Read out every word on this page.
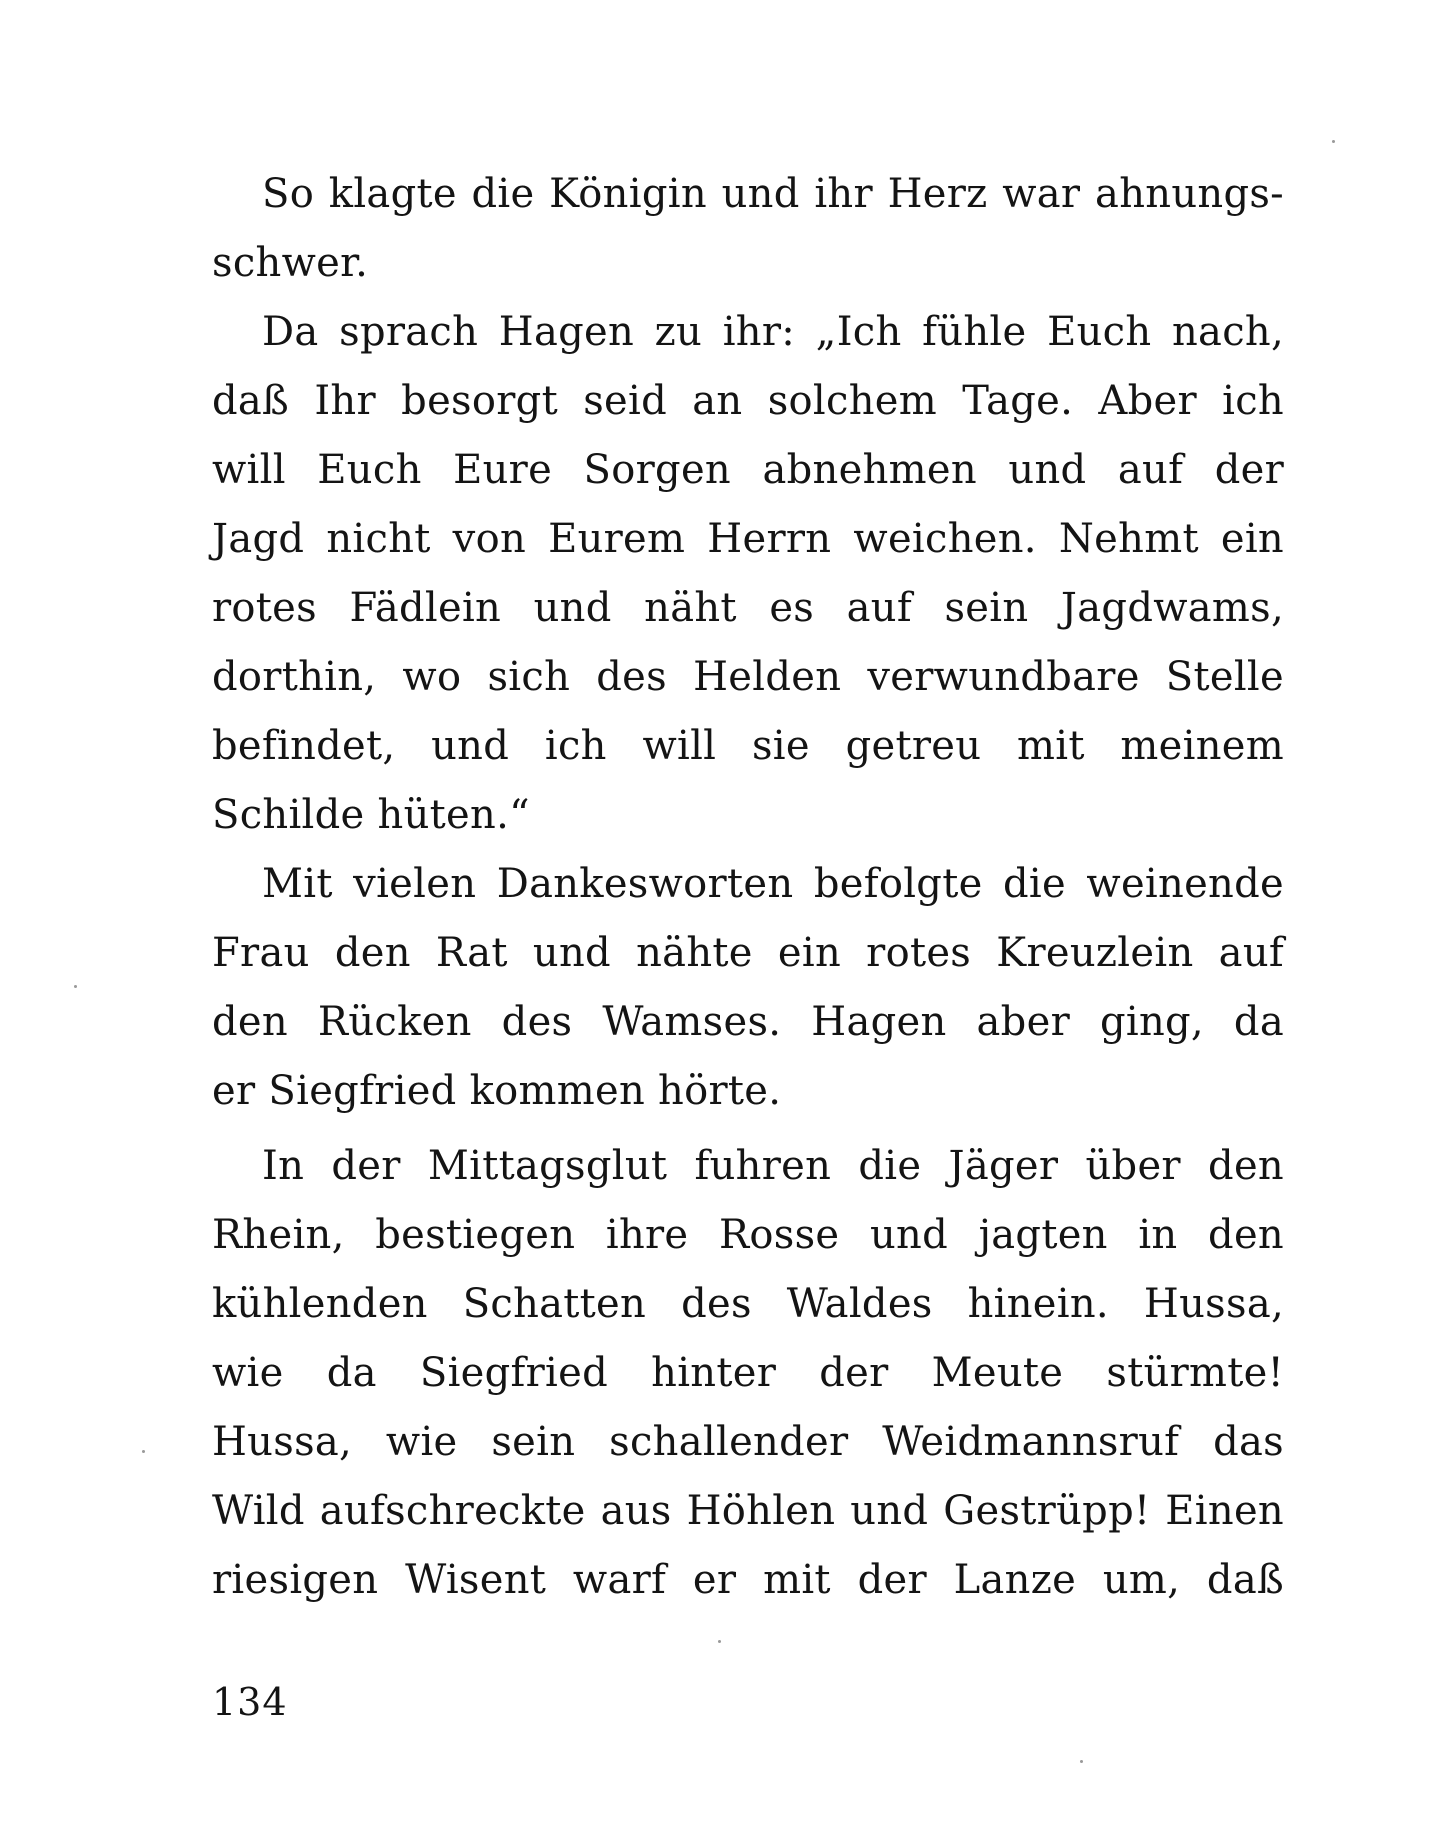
So klagte die Königin und ihr Herz war ahnungs-
schwer.
Da sprach Hagen zu ihr: „Ich fühle Euch nach,
daß Ihr besorgt seid an solchem Tage. Aber ich
will Euch Eure Sorgen abnehmen und auf der
Jagd nicht von Eurem Herrn weichen. Nehmt ein
rotes Fädlein und näht es auf sein Jagdwams,
dorthin, wo sich des Helden verwundbare Stelle
befindet, und ich will sie getreu mit meinem
Schilde hüten.“
Mit vielen Dankesworten befolgte die weinende
Frau den Rat und nähte ein rotes Kreuzlein auf
den Rücken des Wamses. Hagen aber ging, da
er Siegfried kommen hörte.
In der Mittagsglut fuhren die Jäger über den
Rhein, bestiegen ihre Rosse und jagten in den
kühlenden Schatten des Waldes hinein. Hussa,
wie da Siegfried hinter der Meute stürmte!
Hussa, wie sein schallender Weidmannsruf das
Wild aufschreckte aus Höhlen und Gestrüpp! Einen
riesigen Wisent warf er mit der Lanze um, daß
134
